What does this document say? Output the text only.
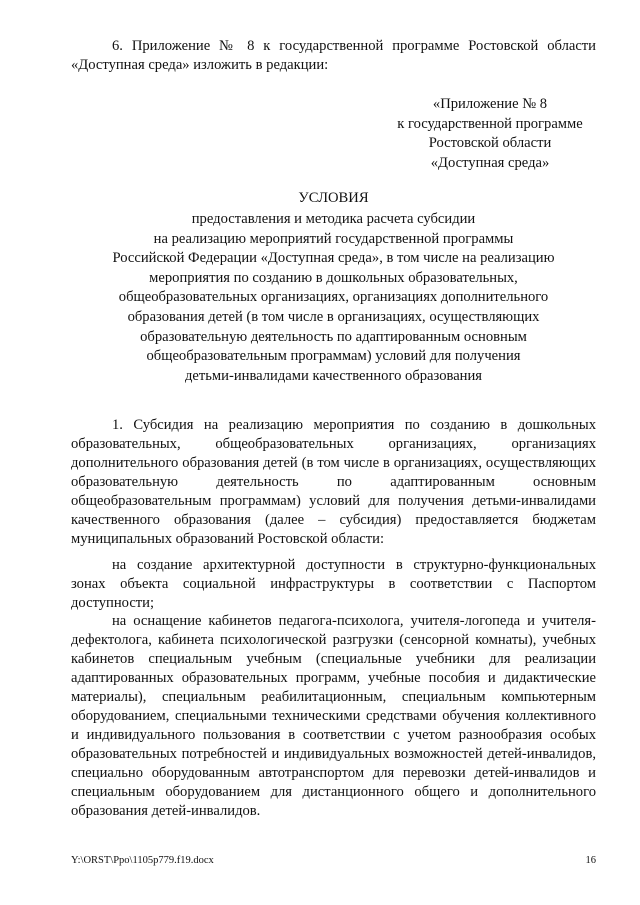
6. Приложение № 8 к государственной программе Ростовской области «Доступная среда» изложить в редакции:

«Приложение № 8
к государственной программе
Ростовской области
«Доступная среда»
УСЛОВИЯ
предоставления и методика расчета субсидии
на реализацию мероприятий государственной программы
Российской Федерации «Доступная среда», в том числе на реализацию
мероприятия по созданию в дошкольных образовательных,
общеобразовательных организациях, организациях дополнительного
образования детей (в том числе в организациях, осуществляющих
образовательную деятельность по адаптированным основным
общеобразовательным программам) условий для получения
детьми-инвалидами качественного образования

1. Субсидия на реализацию мероприятия по созданию в дошкольных образовательных, общеобразовательных организациях, организациях дополнительного образования детей (в том числе в организациях, осуществляющих образовательную деятельность по адаптированным основным общеобразовательным программам) условий для получения детьми-инвалидами качественного образования (далее – субсидия) предоставляется бюджетам муниципальных образований Ростовской области:

на создание архитектурной доступности в структурно-функциональных зонах объекта социальной инфраструктуры в соответствии с Паспортом доступности;

на оснащение кабинетов педагога-психолога, учителя-логопеда и учителя-дефектолога, кабинета психологической разгрузки (сенсорной комнаты), учебных кабинетов специальным учебным (специальные учебники для реализации адаптированных образовательных программ, учебные пособия и дидактические материалы), специальным реабилитационным, специальным компьютерным оборудованием, специальными техническими средствами обучения коллективного и индивидуального пользования в соответствии с учетом разнообразия особых образовательных потребностей и индивидуальных возможностей детей-инвалидов, специально оборудованным автотранспортом для перевозки детей-инвалидов и специальным оборудованием для дистанционного общего и дополнительного образования детей-инвалидов.

Y:\ORST\Ppo\1105p779.f19.docx	16
